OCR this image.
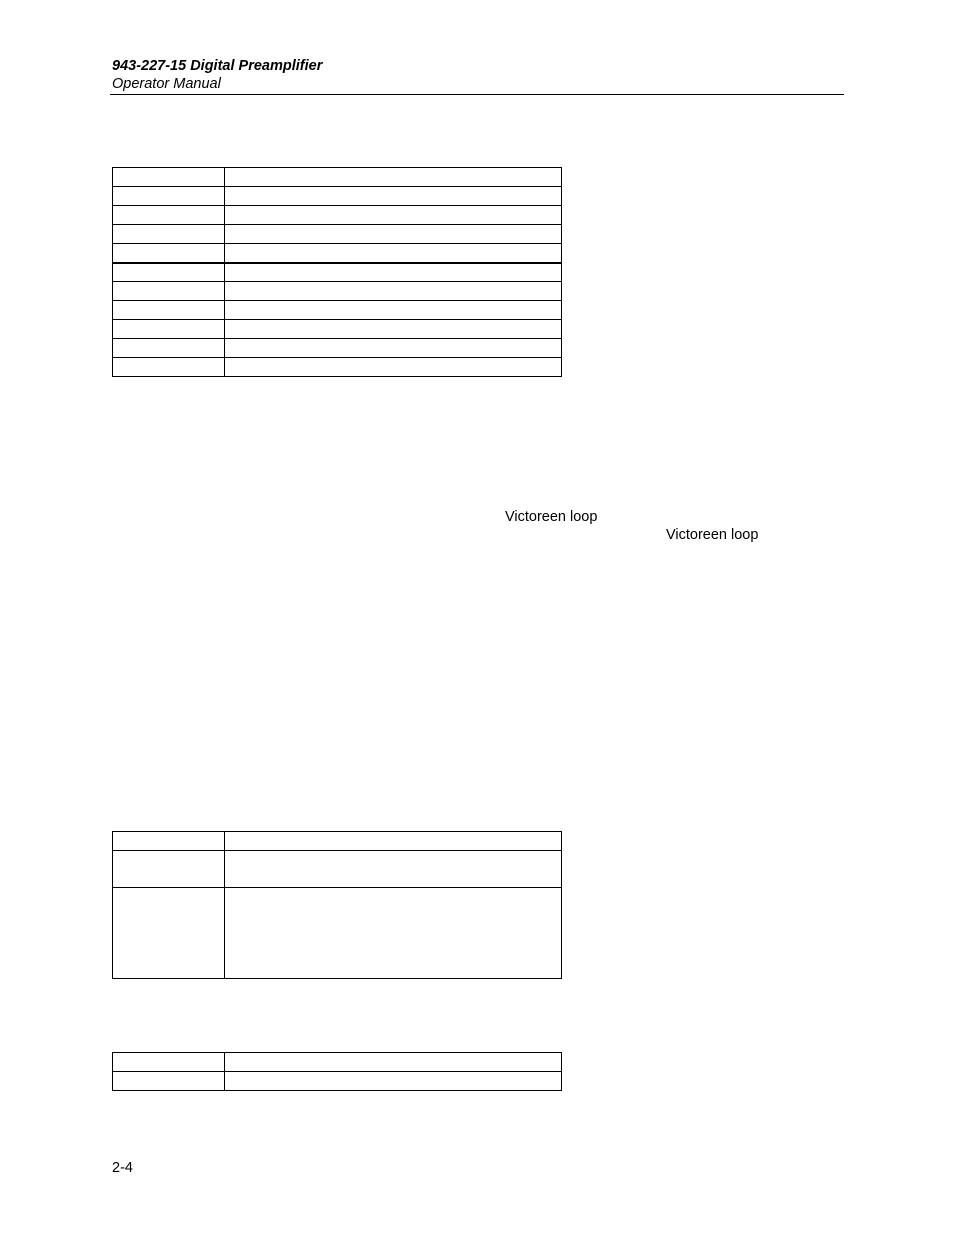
943-227-15 Digital Preamplifier
Operator Manual

Victoreen loop
Victoreen loop

2-4
